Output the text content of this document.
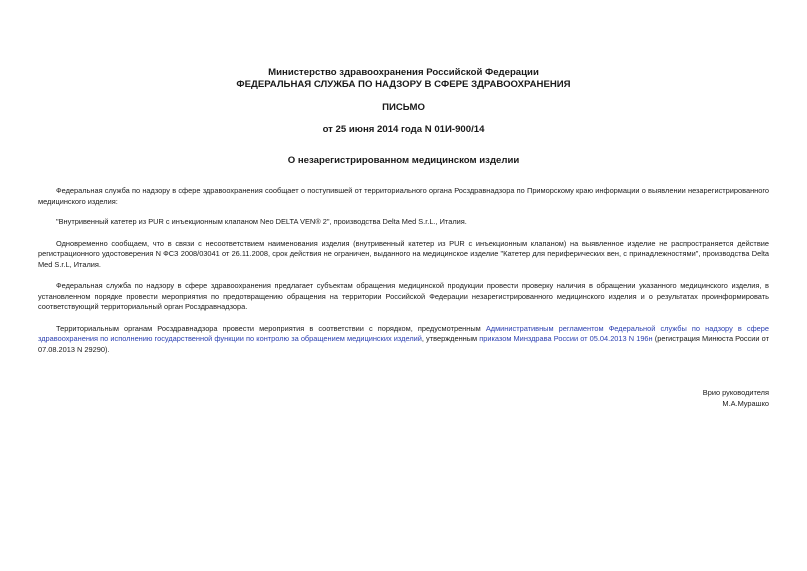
Министерство здравоохранения Российской Федерации

ФЕДЕРАЛЬНАЯ СЛУЖБА ПО НАДЗОРУ В СФЕРЕ ЗДРАВООХРАНЕНИЯ

ПИСЬМО

от 25 июня 2014 года N 01И-900/14

О незарегистрированном медицинском изделии

Федеральная служба по надзору в сфере здравоохранения сообщает о поступившей от территориального органа Росздравнадзора по Приморскому краю информации о выявлении незарегистрированного медицинского изделия:

"Внутривенный катетер из PUR с инъекционным клапаном Neo DELTA VEN® 2", производства Delta Med S.r.L., Италия.

Одновременно сообщаем, что в связи с несоответствием наименования изделия (внутривенный катетер из PUR с инъекционным клапаном) на выявленное изделие не распространяется действие регистрационного удостоверения N ФСЗ 2008/03041 от 26.11.2008, срок действия не ограничен, выданного на медицинское изделие "Катетер для периферических вен, с принадлежностями", производства Delta Med S.r.L, Италия.

Федеральная служба по надзору в сфере здравоохранения предлагает субъектам обращения медицинской продукции провести проверку наличия в обращении указанного медицинского изделия, в установленном порядке провести мероприятия по предотвращению обращения на территории Российской Федерации незарегистрированного медицинского изделия и о результатах проинформировать соответствующий территориальный орган Росздравнадзора.

Территориальным органам Росздравнадзора провести мероприятия в соответствии с порядком, предусмотренным Административным регламентом Федеральной службы по надзору в сфере здравоохранения по исполнению государственной функции по контролю за обращением медицинских изделий, утвержденным приказом Минздрава России от 05.04.2013 N 196н (регистрация Минюста России от 07.08.2013 N 29290).

Врио руководителя

М.А.Мурашко
